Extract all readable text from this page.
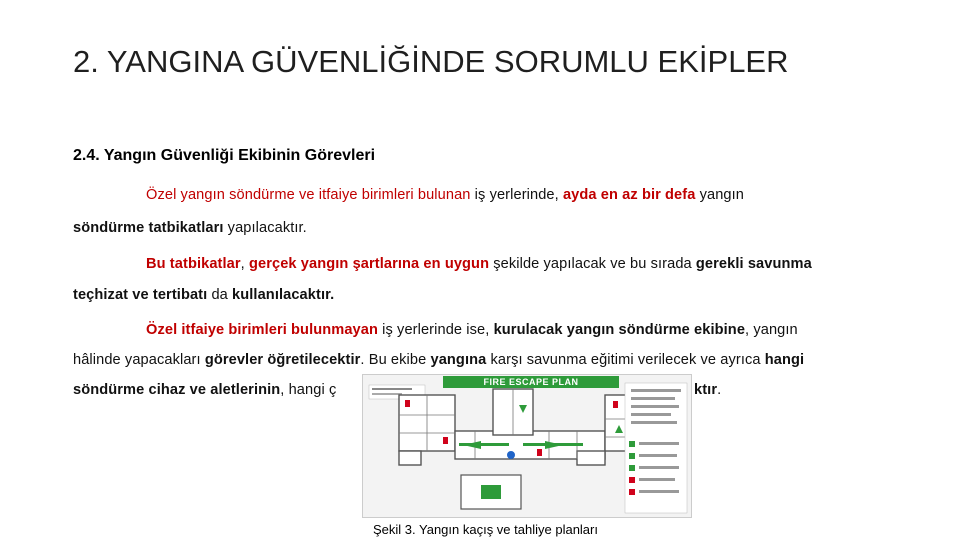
2. YANGINA GÜVENLİĞİNDE SORUMLU EKİPLER
2.4. Yangın Güvenliği Ekibinin Görevleri
Özel yangın söndürme ve itfaiye birimleri bulunan iş yerlerinde, ayda en az bir defa yangın
söndürme tatbikatları yapılacaktır.
Bu tatbikatlar, gerçek yangın şartlarına en uygun şekilde yapılacak ve bu sırada gerekli savunma
teçhizat ve tertibatı da kullanılacaktır.
Özel itfaiye birimleri bulunmayan iş yerlerinde ise, kurulacak yangın söndürme ekibine, yangın
hâlinde yapacakları görevler öğretilecektir. Bu ekibe yangına karşı savunma eğitimi verilecek ve ayrıca hangi
söndürme cihaz ve aletlerinin, hangi ç	ktır.
FIRE ESCAPE PLAN
Şekil 3. Yangın kaçış ve tahliye planları
